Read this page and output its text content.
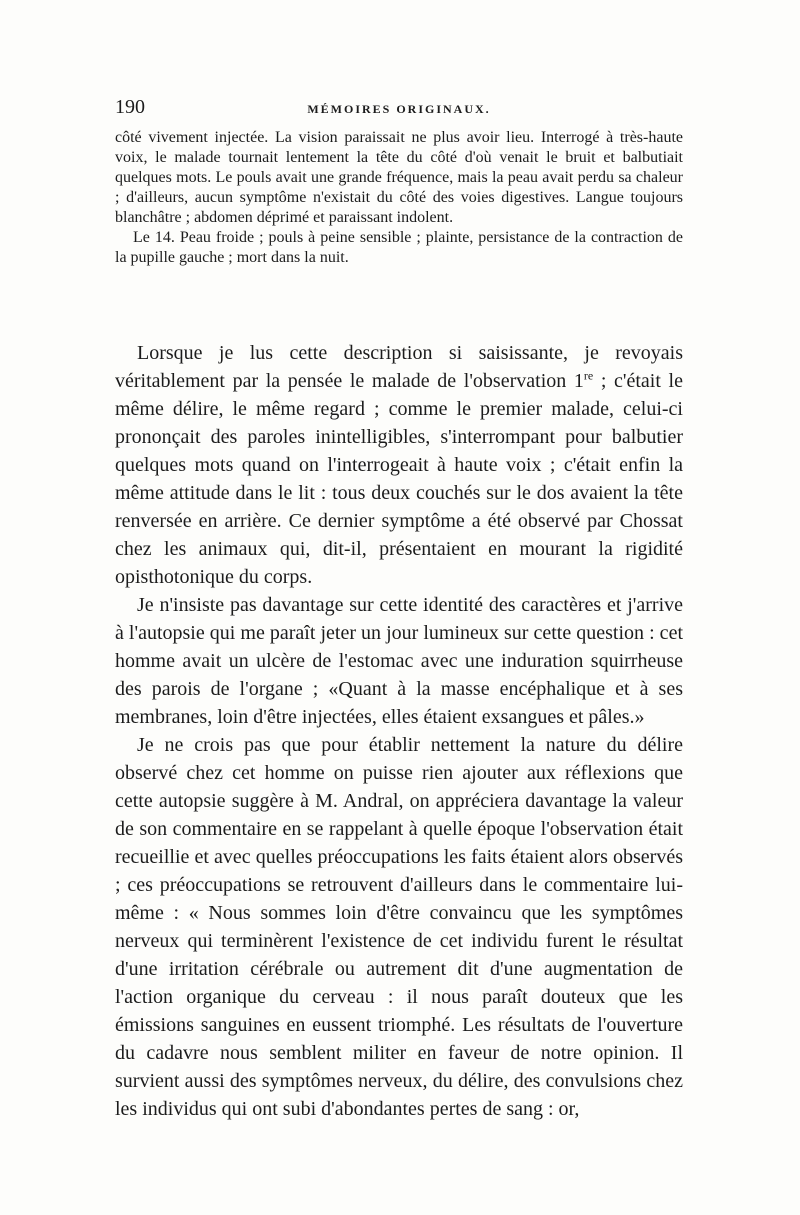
190	MÉMOIRES ORIGINAUX.

côté vivement injectée. La vision paraissait ne plus avoir lieu. Interrogé à très-haute voix, le malade tournait lentement la tête du côté d'où venait le bruit et balbutiait quelques mots. Le pouls avait une grande fréquence, mais la peau avait perdu sa chaleur ; d'ailleurs, aucun symptôme n'existait du côté des voies digestives. Langue toujours blanchâtre ; abdomen déprimé et paraissant indolent.

Le 14. Peau froide ; pouls à peine sensible ; plainte, persistance de la contraction de la pupille gauche ; mort dans la nuit.

Lorsque je lus cette description si saisissante, je revoyais véritablement par la pensée le malade de l'observation 1re ; c'était le même délire, le même regard ; comme le premier malade, celui-ci prononçait des paroles inintelligibles, s'interrompant pour balbutier quelques mots quand on l'interrogeait à haute voix ; c'était enfin la même attitude dans le lit : tous deux couchés sur le dos avaient la tête renversée en arrière. Ce dernier symptôme a été observé par Chossat chez les animaux qui, dit-il, présentaient en mourant la rigidité opisthotonique du corps.

Je n'insiste pas davantage sur cette identité des caractères et j'arrive à l'autopsie qui me paraît jeter un jour lumineux sur cette question : cet homme avait un ulcère de l'estomac avec une induration squirrheuse des parois de l'organe ; «Quant à la masse encéphalique et à ses membranes, loin d'être injectées, elles étaient exsangues et pâles.»

Je ne crois pas que pour établir nettement la nature du délire observé chez cet homme on puisse rien ajouter aux réflexions que cette autopsie suggère à M. Andral, on appréciera davantage la valeur de son commentaire en se rappelant à quelle époque l'observation était recueillie et avec quelles préoccupations les faits étaient alors observés ; ces préoccupations se retrouvent d'ailleurs dans le commentaire lui-même : « Nous sommes loin d'être convaincu que les symptômes nerveux qui terminèrent l'existence de cet individu furent le résultat d'une irritation cérébrale ou autrement dit d'une augmentation de l'action organique du cerveau : il nous paraît douteux que les émissions sanguines en eussent triomphé. Les résultats de l'ouverture du cadavre nous semblent militer en faveur de notre opinion. Il survient aussi des symptômes nerveux, du délire, des convulsions chez les individus qui ont subi d'abondantes pertes de sang : or,
